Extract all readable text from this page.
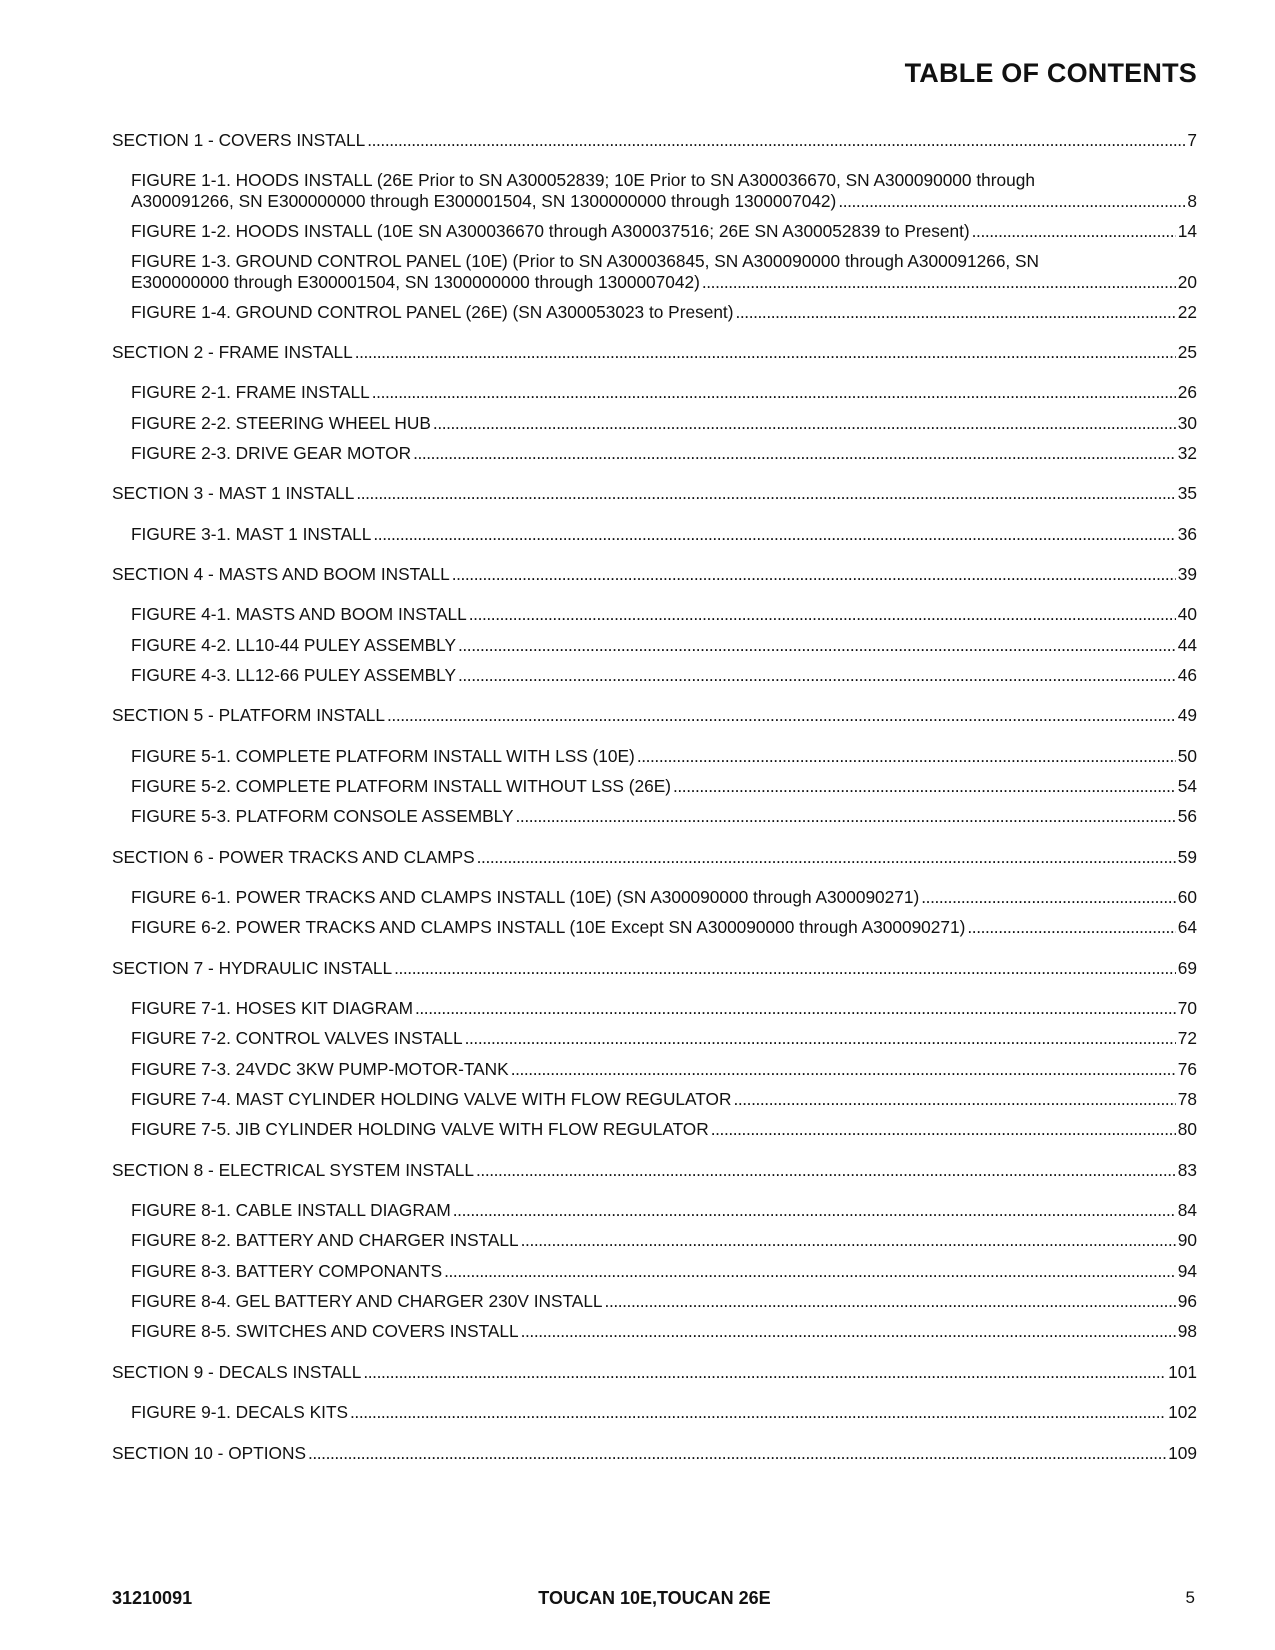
TABLE OF CONTENTS
SECTION 1 - COVERS INSTALL . . .	7
FIGURE 1-1. HOODS INSTALL (26E Prior to SN A300052839; 10E Prior to SN A300036670, SN A300090000 through
A300091266, SN E300000000 through E300001504, SN 1300000000 through 1300007042) . . .	8
FIGURE 1-2. HOODS INSTALL (10E SN A300036670 through A300037516; 26E SN A300052839 to Present) . . .	14
FIGURE 1-3. GROUND CONTROL PANEL (10E) (Prior to SN A300036845, SN A300090000 through A300091266, SN
E300000000 through E300001504, SN 1300000000 through 1300007042) . . .	20
FIGURE 1-4. GROUND CONTROL PANEL (26E) (SN A300053023 to Present) . . .	22
SECTION 2 - FRAME INSTALL . . .	25
FIGURE 2-1. FRAME INSTALL . . .	26
FIGURE 2-2. STEERING WHEEL HUB . . .	30
FIGURE 2-3. DRIVE GEAR MOTOR . . .	32
SECTION 3 - MAST 1 INSTALL . . .	35
FIGURE 3-1. MAST 1 INSTALL . . .	36
SECTION 4 - MASTS AND BOOM INSTALL . . .	39
FIGURE 4-1. MASTS AND BOOM INSTALL . . .	40
FIGURE 4-2. LL10-44 PULEY ASSEMBLY . . .	44
FIGURE 4-3. LL12-66 PULEY ASSEMBLY . . .	46
SECTION 5 - PLATFORM INSTALL . . .	49
FIGURE 5-1. COMPLETE PLATFORM INSTALL WITH LSS (10E) . . .	50
FIGURE 5-2. COMPLETE PLATFORM INSTALL WITHOUT LSS (26E) . . .	54
FIGURE 5-3. PLATFORM CONSOLE ASSEMBLY . . .	56
SECTION 6 - POWER TRACKS AND CLAMPS . . .	59
FIGURE 6-1. POWER TRACKS AND CLAMPS INSTALL (10E) (SN A300090000 through A300090271) . . .	60
FIGURE 6-2. POWER TRACKS AND CLAMPS INSTALL (10E Except SN A300090000 through A300090271) . . .	64
SECTION 7 - HYDRAULIC INSTALL . . .	69
FIGURE 7-1. HOSES KIT DIAGRAM . . .	70
FIGURE 7-2. CONTROL VALVES INSTALL . . .	72
FIGURE 7-3. 24VDC 3KW PUMP-MOTOR-TANK . . .	76
FIGURE 7-4. MAST CYLINDER HOLDING VALVE WITH FLOW REGULATOR . . .	78
FIGURE 7-5. JIB CYLINDER HOLDING VALVE WITH FLOW REGULATOR . . .	80
SECTION 8 - ELECTRICAL SYSTEM INSTALL . . .	83
FIGURE 8-1. CABLE INSTALL DIAGRAM . . .	84
FIGURE 8-2. BATTERY AND CHARGER INSTALL . . .	90
FIGURE 8-3. BATTERY COMPONANTS . . .	94
FIGURE 8-4. GEL BATTERY AND CHARGER 230V INSTALL . . .	96
FIGURE 8-5. SWITCHES AND COVERS INSTALL . . .	98
SECTION 9 - DECALS INSTALL . . .	101
FIGURE 9-1. DECALS KITS . . .	102
SECTION 10 - OPTIONS . . .	109
31210091	TOUCAN 10E,TOUCAN 26E	5
